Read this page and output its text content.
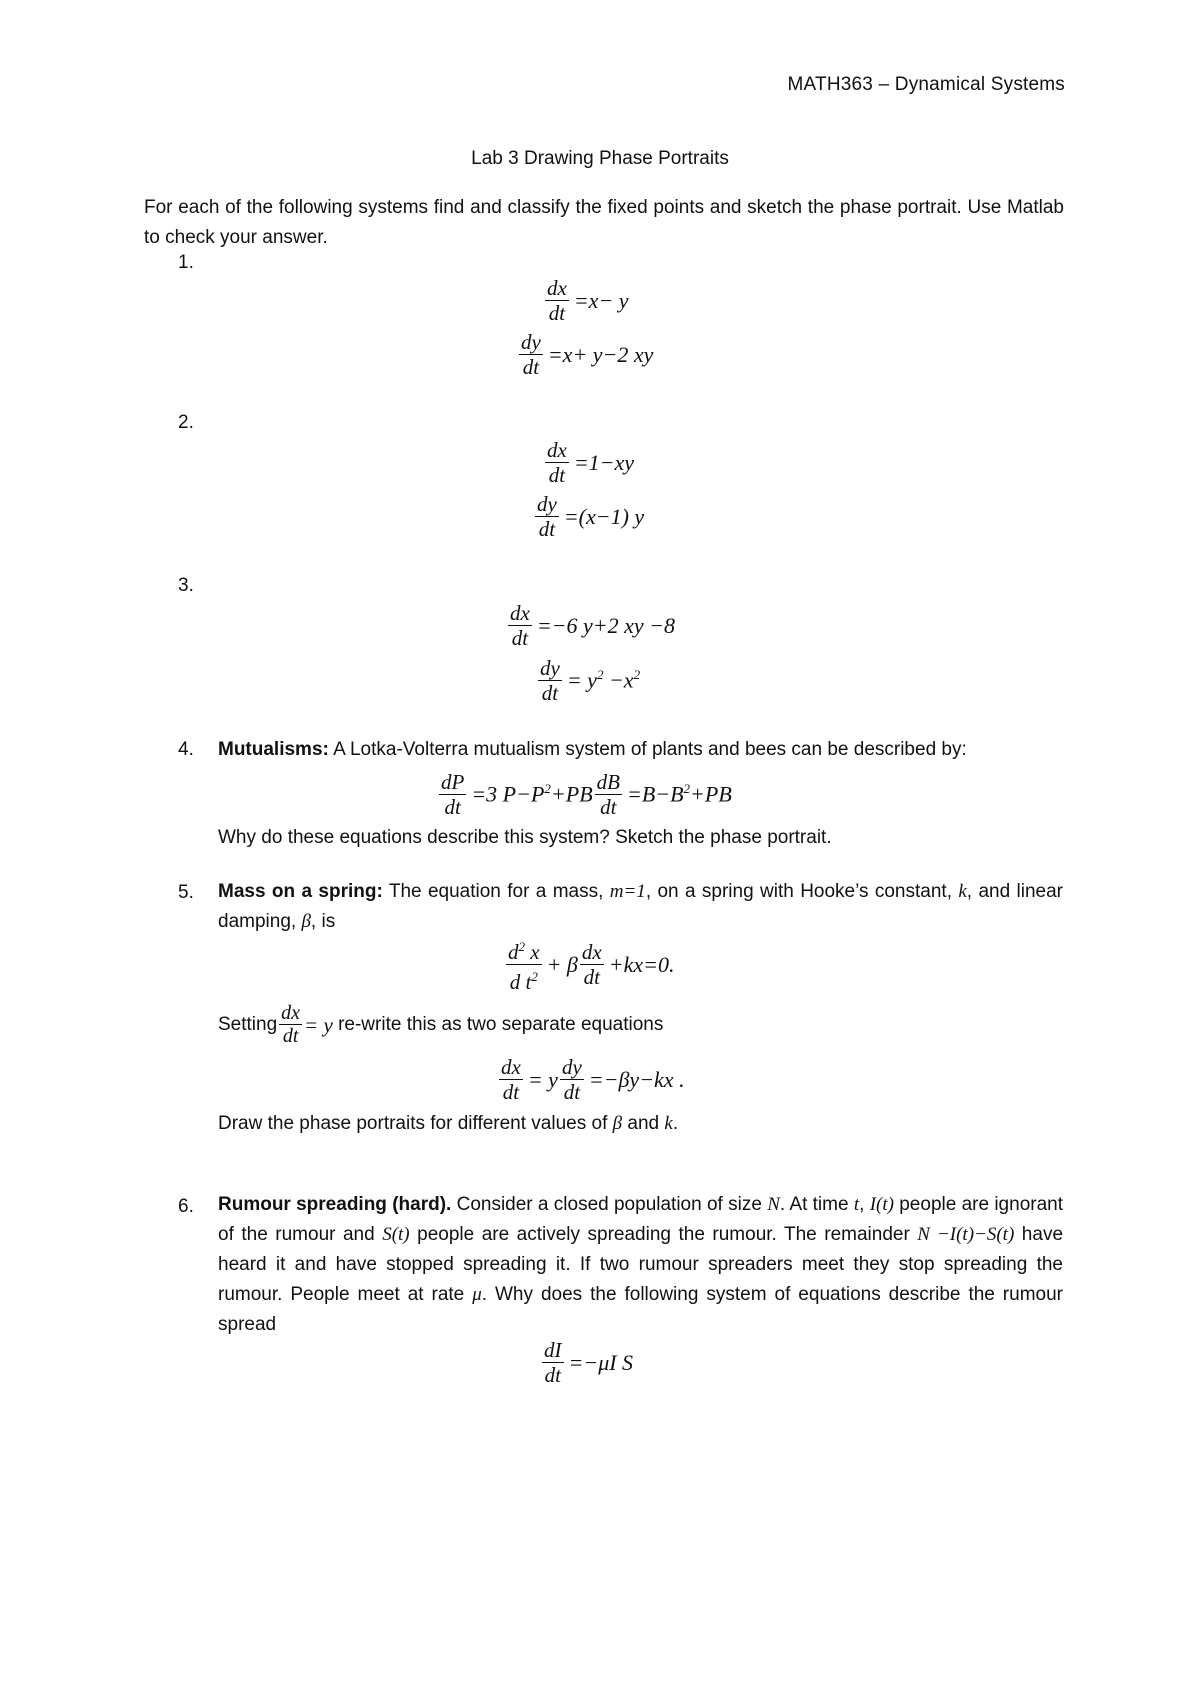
MATH363 – Dynamical Systems
Lab 3 Drawing Phase Portraits
For each of the following systems find and classify the fixed points and sketch the phase portrait. Use Matlab to check your answer.
1.
$\frac{dx}{dt} =x- y$
$\frac{dy}{dt} =x+ y-2$ xy
2.
$\frac{dx}{dt} =1-xy$
$\frac{dy}{dt} =(x-1)$ y
3.
$\frac{dx}{dt} =-6$ y+2 xy −8
$\frac{dy}{dt} = y^2 -x^2$
4. Mutualisms: A Lotka-Volterra mutualism system of plants and bees can be described by:
$\frac{dP}{dt} =3$ $P-P^2+PB \frac{dB}{dt} =B-B^2+PB$
Why do these equations describe this system? Sketch the phase portrait.
5. Mass on a spring: The equation for a mass, m=1, on a spring with Hooke’s constant, k, and linear damping, β, is
$\frac{d^2 x}{d t^2} + \beta \frac{dx}{dt} +kx=0$.
Setting $\frac{dx}{dt} = y$ re-write this as two separate equations
$\frac{dx}{dt} = y \frac{dy}{dt} =-\beta y-kx$ .
Draw the phase portraits for different values of β and k.
6. Rumour spreading (hard). Consider a closed population of size N. At time t, I(t) people are ignorant of the rumour and S(t) people are actively spreading the rumour. The remainder N −I(t)−S(t) have heard it and have stopped spreading it. If two rumour spreaders meet they stop spreading the rumour. People meet at rate μ. Why does the following system of equations describe the rumour spread
$\frac{dI}{dt} =-\mu I$ S
